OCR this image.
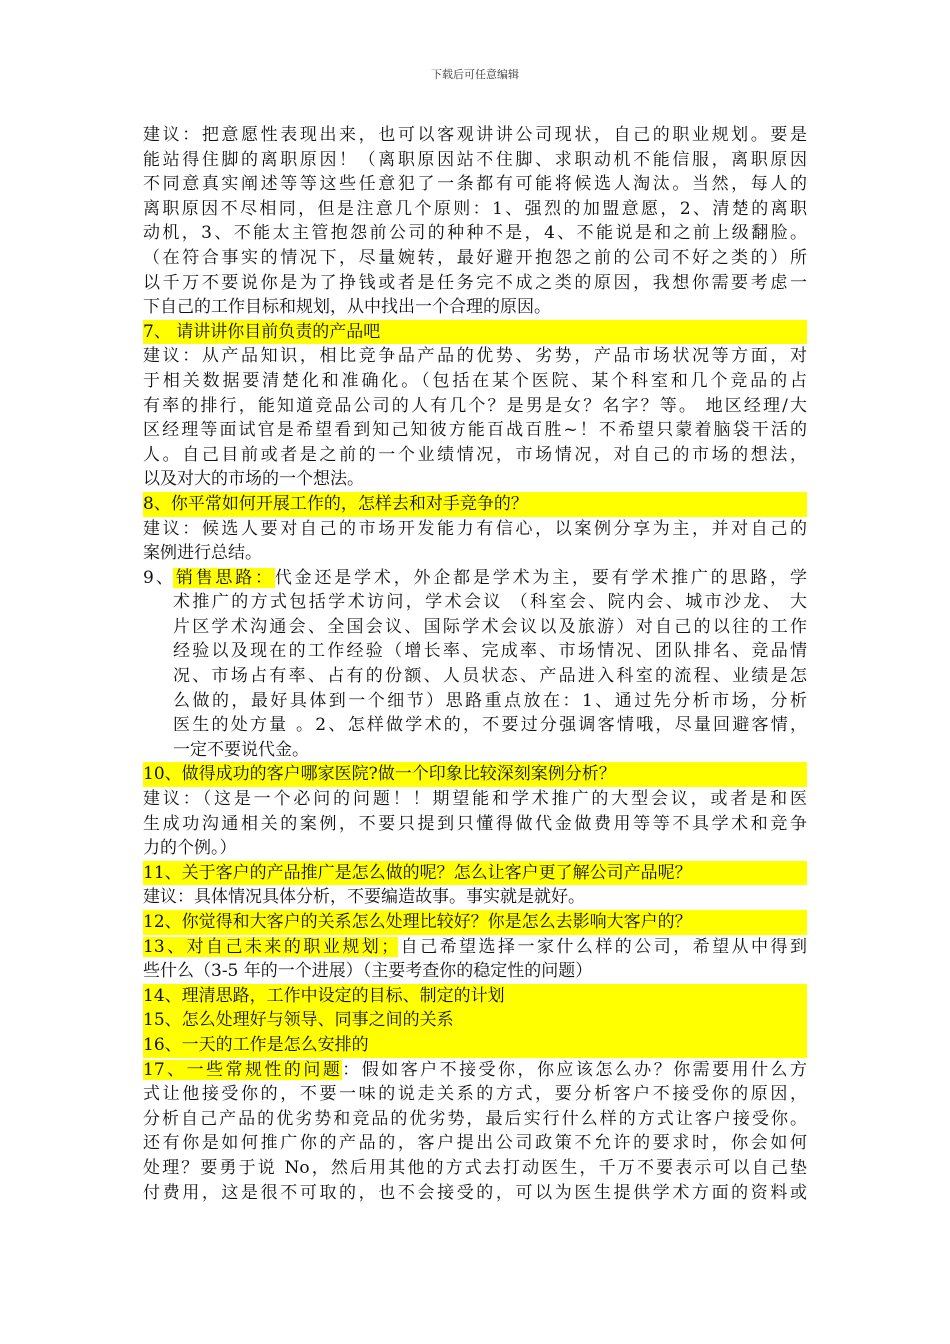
下载后可任意编辑
建议：把意愿性表现出来，也可以客观讲讲公司现状，自己的职业规划。要是
能站得住脚的离职原因！（离职原因站不住脚、求职动机不能信服，离职原因
不同意真实阐述等等这些任意犯了一条都有可能将候选人淘汰。当然，每人的
离职原因不尽相同，但是注意几个原则：1、强烈的加盟意愿，2、清楚的离职
动机，3、不能太主管抱怨前公司的种种不是，4、不能说是和之前上级翻脸。
（在符合事实的情况下，尽量婉转，最好避开抱怨之前的公司不好之类的）所
以千万不要说你是为了挣钱或者是任务完不成之类的原因，我想你需要考虑一
下自己的工作目标和规划，从中找出一个合理的原因。
7、 请讲讲你目前负责的产品吧
建议：从产品知识，相比竞争品产品的优势、劣势，产品市场状况等方面，对
于相关数据要清楚化和准确化。（包括在某个医院、某个科室和几个竞品的占
有率的排行，能知道竞品公司的人有几个？是男是女？名字？等。 地区经理/大
区经理等面试官是希望看到知己知彼方能百战百胜~！不希望只蒙着脑袋干活的
人。自己目前或者是之前的一个业绩情况，市场情况，对自己的市场的想法，
以及对大的市场的一个想法。
8、你平常如何开展工作的，怎样去和对手竞争的？
建议：候选人要对自己的市场开发能力有信心，以案例分享为主，并对自己的
案例进行总结。
9、销售思路：代金还是学术，外企都是学术为主，要有学术推广的思路，学
术推广的方式包括学术访问，学术会议 （科室会、院内会、城市沙龙、 大
片区学术沟通会、全国会议、国际学术会议以及旅游）对自己的以往的工作
经验以及现在的工作经验（增长率、完成率、市场情况、团队排名、竞品情
况、市场占有率、占有的份额、人员状态、产品进入科室的流程、业绩是怎
么做的，最好具体到一个细节）思路重点放在：1、通过先分析市场，分析
医生的处方量 。2、怎样做学术的，不要过分强调客情哦，尽量回避客情，
一定不要说代金。
10、做得成功的客户哪家医院?做一个印象比较深刻案例分析？
建议：（这是一个必问的问题！！期望能和学术推广的大型会议，或者是和医
生成功沟通相关的案例，不要只提到只懂得做代金做费用等等不具学术和竞争
力的个例。）
11、关于客户的产品推广是怎么做的呢？怎么让客户更了解公司产品呢？
建议：具体情况具体分析，不要编造故事。事实就是就好。
12、你觉得和大客户的关系怎么处理比较好？你是怎么去影响大客户的？
13、对自己未来的职业规划；自己希望选择一家什么样的公司，希望从中得到
些什么（3-5 年的一个进展）（主要考查你的稳定性的问题）
14、理清思路，工作中设定的目标、制定的计划
15、怎么处理好与领导、同事之间的关系
16、一天的工作是怎么安排的
17、一些常规性的问题：假如客户不接受你，你应该怎么办？你需要用什么方
式让他接受你的，不要一味的说走关系的方式，要分析客户不接受你的原因，
分析自己产品的优劣势和竞品的优劣势，最后实行什么样的方式让客户接受你。
还有你是如何推广你的产品的，客户提出公司政策不允许的要求时，你会如何
处理？要勇于说 No，然后用其他的方式去打动医生，千万不要表示可以自己垫
付费用，这是很不可取的，也不会接受的，可以为医生提供学术方面的资料或
